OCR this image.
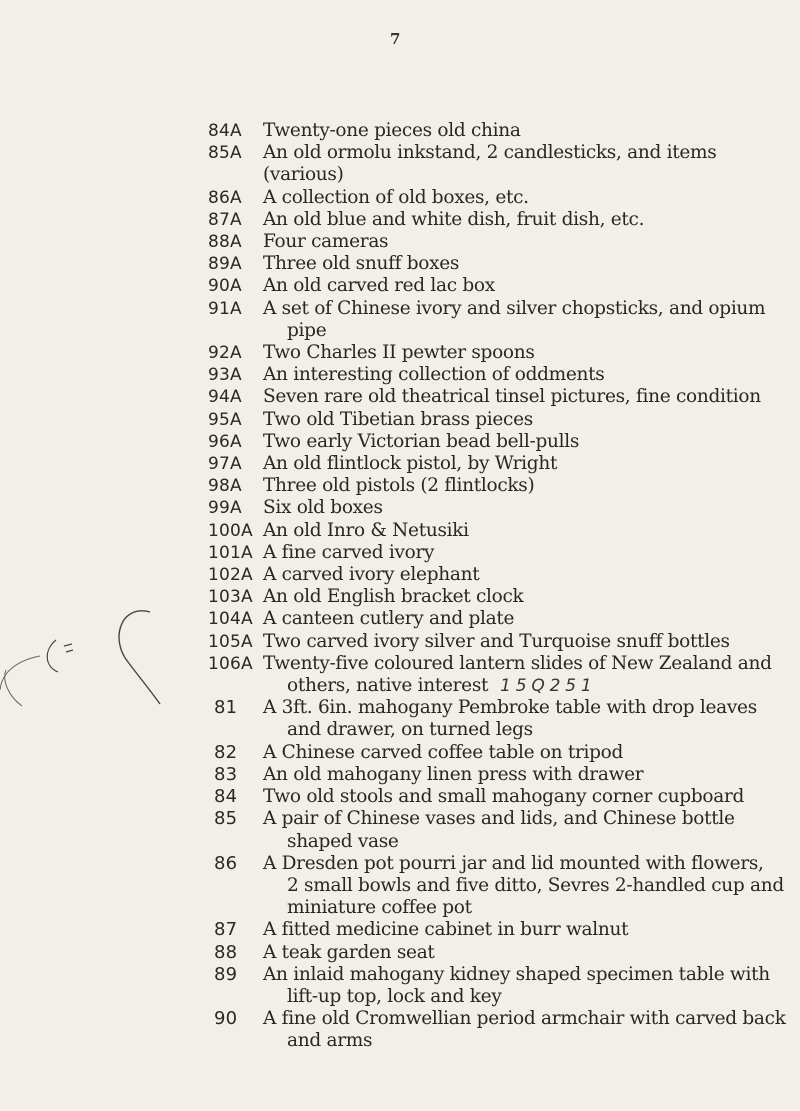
7
84A	Twenty-one pieces old china
85A	An old ormolu inkstand, 2 candlesticks, and items (various)
86A	A collection of old boxes, etc.
87A	An old blue and white dish, fruit dish, etc.
88A	Four cameras
89A	Three old snuff boxes
90A	An old carved red lac box
91A	A set of Chinese ivory and silver chopsticks, and opium
pipe
92A	Two Charles II pewter spoons
93A	An interesting collection of oddments
94A	Seven rare old theatrical tinsel pictures, fine condition
95A	Two old Tibetian brass pieces
96A	Two early Victorian bead bell-pulls
97A	An old flintlock pistol, by Wright
98A	Three old pistols (2 flintlocks)
99A	Six old boxes
100A An old Inro & Netusiki
101A A fine carved ivory
102A A carved ivory elephant
103A An old English bracket clock
104A A canteen cutlery and plate
105A Two carved ivory silver and Turquoise snuff bottles
106A Twenty-five coloured lantern slides of New Zealand and
others, native interest 1 5 Q 2 5 1
81	A 3ft. 6in. mahogany Pembroke table with drop leaves
and drawer, on turned legs
82	A Chinese carved coffee table on tripod
83	An old mahogany linen press with drawer
84	Two old stools and small mahogany corner cupboard
85	A pair of Chinese vases and lids, and Chinese bottle
shaped vase
86	A Dresden pot pourri jar and lid mounted with flowers,
2 small bowls and five ditto, Sevres 2-handled cup and
miniature coffee pot
87	A fitted medicine cabinet in burr walnut
88	A teak garden seat
89	An inlaid mahogany kidney shaped specimen table with
lift-up top, lock and key
90	A fine old Cromwellian period armchair with carved back
and arms
